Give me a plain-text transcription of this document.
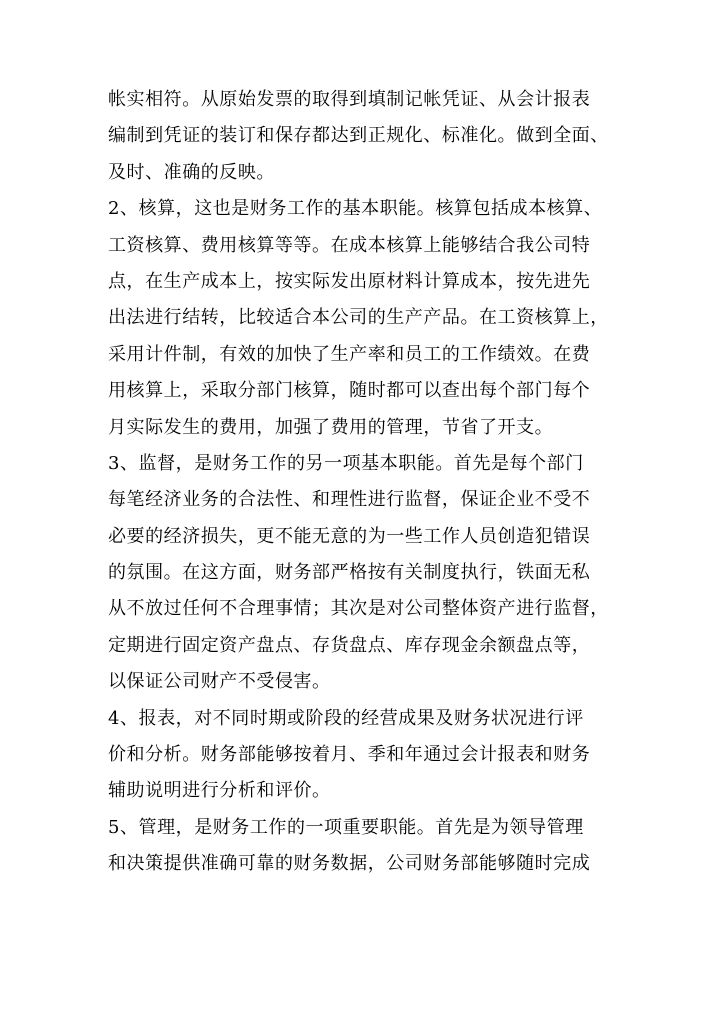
帐实相符。从原始发票的取得到填制记帐凭证、从会计报表
编制到凭证的装订和保存都达到正规化、标准化。做到全面、
及时、准确的反映。
2、核算，这也是财务工作的基本职能。核算包括成本核算、
工资核算、费用核算等等。在成本核算上能够结合我公司特
点，在生产成本上，按实际发出原材料计算成本，按先进先
出法进行结转，比较适合本公司的生产产品。在工资核算上，
采用计件制，有效的加快了生产率和员工的工作绩效。在费
用核算上，采取分部门核算，随时都可以查出每个部门每个
月实际发生的费用，加强了费用的管理，节省了开支。
3、监督，是财务工作的另一项基本职能。首先是每个部门
每笔经济业务的合法性、和理性进行监督，保证企业不受不
必要的经济损失，更不能无意的为一些工作人员创造犯错误
的氛围。在这方面，财务部严格按有关制度执行，铁面无私
从不放过任何不合理事情；其次是对公司整体资产进行监督，
定期进行固定资产盘点、存货盘点、库存现金余额盘点等，
以保证公司财产不受侵害。
4、报表，对不同时期或阶段的经营成果及财务状况进行评
价和分析。财务部能够按着月、季和年通过会计报表和财务
辅助说明进行分析和评价。
5、管理，是财务工作的一项重要职能。首先是为领导管理
和决策提供准确可靠的财务数据，公司财务部能够随时完成
